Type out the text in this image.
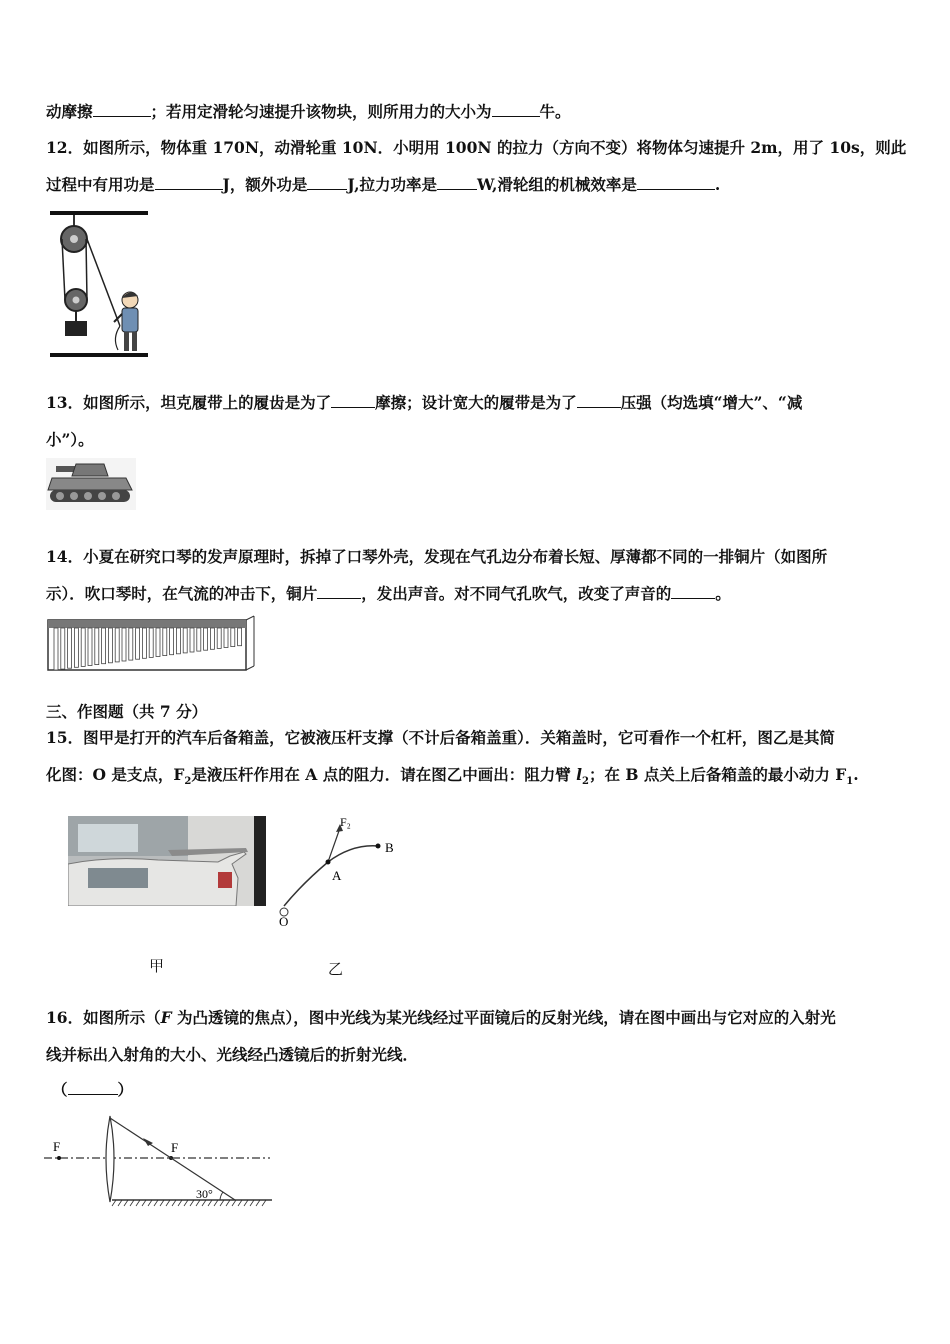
动摩擦	；若用定滑轮匀速提升该物块，则所用力的大小为	牛。
12．如图所示，物体重 170N，动滑轮重 10N．小明用 100N 的拉力（方向不变）将物体匀速提升 2m，用了 10s，则此
过程中有用功是	J，额外功是	J,拉力功率是	W,滑轮组的机械效率是	.
13．如图所示，坦克履带上的履齿是为了	摩擦；设计宽大的履带是为了	压强（均选填“增大”、“减
小”）。
14．小夏在研究口琴的发声原理时，拆掉了口琴外壳，发现在气孔边分布着长短、厚薄都不同的一排铜片（如图所
示）．吹口琴时，在气流的冲击下，铜片	，发出声音。对不同气孔吹气，改变了声音的	。
三、作图题（共 7 分）
15．图甲是打开的汽车后备箱盖，它被液压杆支撑（不计后备箱盖重）．关箱盖时，它可看作一个杠杆，图乙是其简
化图：O 是支点，$F_2$是液压杆作用在 A 点的阻力．请在图乙中画出：阻力臂 $l_2$；在 B 点关上后备箱盖的最小动力 $F_1$.
甲
F₂
A
B
O
乙
16．如图所示（F 为凸透镜的焦点），图中光线为某光线经过平面镜后的反射光线，请在图中画出与它对应的入射光
线并标出入射角的大小、光线经凸透镜后的折射光线．
（	）
F	F
30°
